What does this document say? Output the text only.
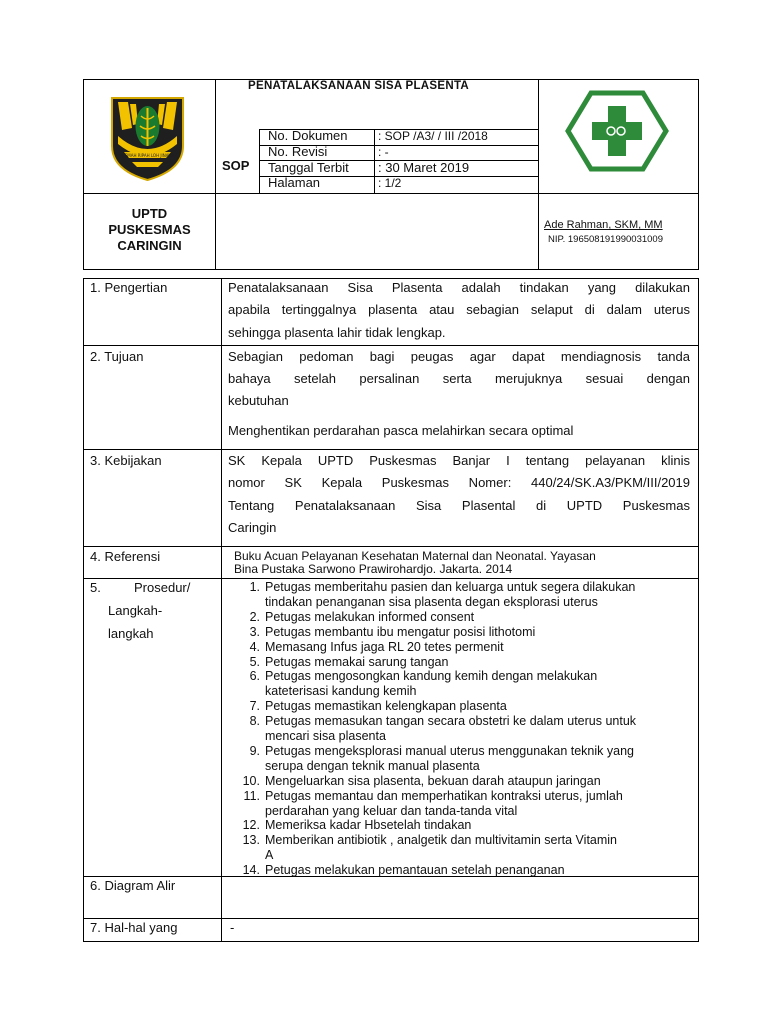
GEMAH RIPAH LOH JINAWI
PENATALAKSANAAN SISA PLASENTA
SOP
No. Dokumen	: SOP /A3/ / III /2018
No. Revisi	: -
Tanggal Terbit : 30 Maret 2019
Halaman	: 1/2
UPTD
PUSKESMAS
CARINGIN
Ade Rahman, SKM, MM
NIP. 196508191990031009
1. Pengertian	Penatalaksanaan Sisa Plasenta adalah tindakan yang dilakukan
apabila tertinggalnya plasenta atau sebagian selaput di dalam uterus
sehingga plasenta lahir tidak lengkap.
2. Tujuan	Sebagian pedoman bagi peugas agar dapat mendiagnosis tanda
bahaya setelah persalinan serta merujuknya sesuai dengan
kebutuhan
Menghentikan perdarahan pasca melahirkan secara optimal
3. Kebijakan	SK Kepala UPTD Puskesmas Banjar I tentang pelayanan klinis
nomor SK Kepala Puskesmas Nomer: 440/24/SK.A3/PKM/III/2019
Tentang Penatalaksanaan Sisa Plasental di UPTD Puskesmas
Caringin
4. Referensi	Buku Acuan Pelayanan Kesehatan Maternal dan Neonatal. Yayasan
Bina Pustaka Sarwono Prawirohardjo. Jakarta. 2014
5.	Prosedur/
Langkah-
langkah
1. Petugas memberitahu pasien dan keluarga untuk segera dilakukan
tindakan penanganan sisa plasenta degan eksplorasi uterus
2. Petugas melakukan informed consent
3. Petugas membantu ibu mengatur posisi lithotomi
4. Memasang Infus jaga RL 20 tetes permenit
5. Petugas memakai sarung tangan
6. Petugas mengosongkan kandung kemih dengan melakukan
kateterisasi kandung kemih
7. Petugas memastikan kelengkapan plasenta
8. Petugas memasukan tangan secara obstetri ke dalam uterus untuk
mencari sisa plasenta
9. Petugas mengeksplorasi manual uterus menggunakan teknik yang
serupa dengan teknik manual plasenta
10. Mengeluarkan sisa plasenta, bekuan darah ataupun jaringan
11. Petugas memantau dan memperhatikan kontraksi uterus, jumlah
perdarahan yang keluar dan tanda-tanda vital
12. Memeriksa kadar Hbsetelah tindakan
13. Memberikan antibiotik , analgetik dan multivitamin serta Vitamin
A
14. Petugas melakukan pemantauan setelah penanganan
6. Diagram Alir
7. Hal-hal yang	-
